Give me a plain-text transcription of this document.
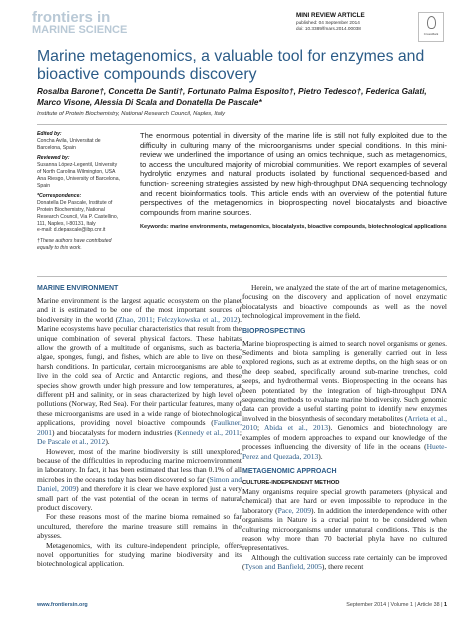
frontiers in
MARINE SCIENCE
MINI REVIEW ARTICLE
published: 04 September 2014
doi: 10.3389/fmars.2014.00038
CrossMark
Marine metagenomics, a valuable tool for enzymes and bioactive compounds discovery
Rosalba Barone†, Concetta De Santi†, Fortunato Palma Esposito†, Pietro Tedesco†, Federica Galati, Marco Visone, Alessia Di Scala and Donatella De Pascale*
Institute of Protein Biochemistry, National Research Council, Naples, Italy
Edited by:
Concha Avila, Universitat de
Barcelona, Spain
Reviewed by:
Susanna López-Legentil, University
of North Carolina Wilmington, USA
Ana Riesgo, University of Barcelona,
Spain
*Correspondence:
Donatella De Pascale, Institute of
Protein Biochemistry, National
Research Council, Via P. Castellino,
111, Naples, I-80131, Italy
e-mail: d.depascale@ibp.cnr.it
†These authors have contributed
equally to this work.
The enormous potential in diversity of the marine life is still not fully exploited due to the difficulty in culturing many of the microorganisms under special conditions. In this mini-review we underlined the importance of using an omics technique, such as metagenomics, to access the uncultured majority of microbial communities. We report examples of several hydrolytic enzymes and natural products isolated by functional sequenced-based and function- screening strategies assisted by new high-throughput DNA sequencing technology and recent bioinformatics tools. This article ends with an overview of the potential future perspectives of the metagenomics in bioprospecting novel biocatalysts and bioactive compounds from marine sources.
Keywords: marine environments, metagenomics, biocatalysts, bioactive compounds, biotechnological applications
MARINE ENVIRONMENT

Marine environment is the largest aquatic ecosystem on the planet and it is estimated to be one of the most important sources of biodiversity in the world (Zhao, 2011; Felczykowska et al., 2012). Marine ecosystems have peculiar characteristics that result from the unique combination of several physical factors. These habitats allow the growth of a multitude of organisms, such as bacteria, algae, sponges, fungi, and fishes, which are able to live on these harsh conditions. In particular, certain microorganisms are able to live in the cold sea of Arctic and Antarctic regions, and these species show growth under high pressure and low temperatures, at different pH and salinity, or in seas characterized by high level of pollutions (Norway, Red Sea). For their particular features, many of these microorganisms are used in a wide range of biotechnological applications, providing novel bioactive compounds (Faulkner, 2001) and biocatalysts for modern industries (Kennedy et al., 2011; De Pascale et al., 2012).

However, most of the marine biodiversity is still unexplored, because of the difficulties in reproducing marine microenvironment in laboratory. In fact, it has been estimated that less than 0.1% of all microbes in the oceans today has been discovered so far (Simon and Daniel, 2009) and therefore it is clear we have explored just a very small part of the vast potential of the ocean in terms of natural product discovery.

For these reasons most of the marine bioma remained so far uncultured, therefore the marine treasure still remains in the abysses.

Metagenomics, with its culture-independent principle, offers novel opportunities for studying marine biodiversity and its biotechnological application.

Herein, we analyzed the state of the art of marine metagenomics, focusing on the discovery and application of novel enzymatic biocatalysts and bioactive compounds as well as the novel technological improvement in the field.

BIOPROSPECTING

Marine bioprospecting is aimed to search novel organisms or genes. Sediments and biota sampling is generally carried out in less explored regions, such as at extreme depths, on the high seas or on the deep seabed, specifically around sub-marine trenches, cold seeps, and hydrothermal vents. Bioprospecting in the oceans has been potentiated by the integration of high-throughput DNA sequencing methods to evaluate marine biodiversity. Such genomic data can provide a useful starting point to identify new enzymes involved in the biosynthesis of secondary metabolites (Arrieta et al., 2010; Abida et al., 2013). Genomics and biotechnology are examples of modern approaches to expand our knowledge of the processes influencing the diversity of life in the oceans (Huete-Perez and Quezada, 2013).

METAGENOMIC APPROACH
CULTURE-INDEPENDENT METHOD

Many organisms require special growth parameters (physical and chemical) that are hard or even impossible to reproduce in the laboratory (Pace, 2009). In addition the interdependence with other organisms in Nature is a crucial point to be considered when culturing microorganisms under unnatural conditions. This is the reason why more than 70 bacterial phyla have no cultured representatives.

Although the cultivation success rate certainly can be improved (Tyson and Banfield, 2005), there recent

www.frontiersin.org	September 2014 | Volume 1 | Article 38 | 1
